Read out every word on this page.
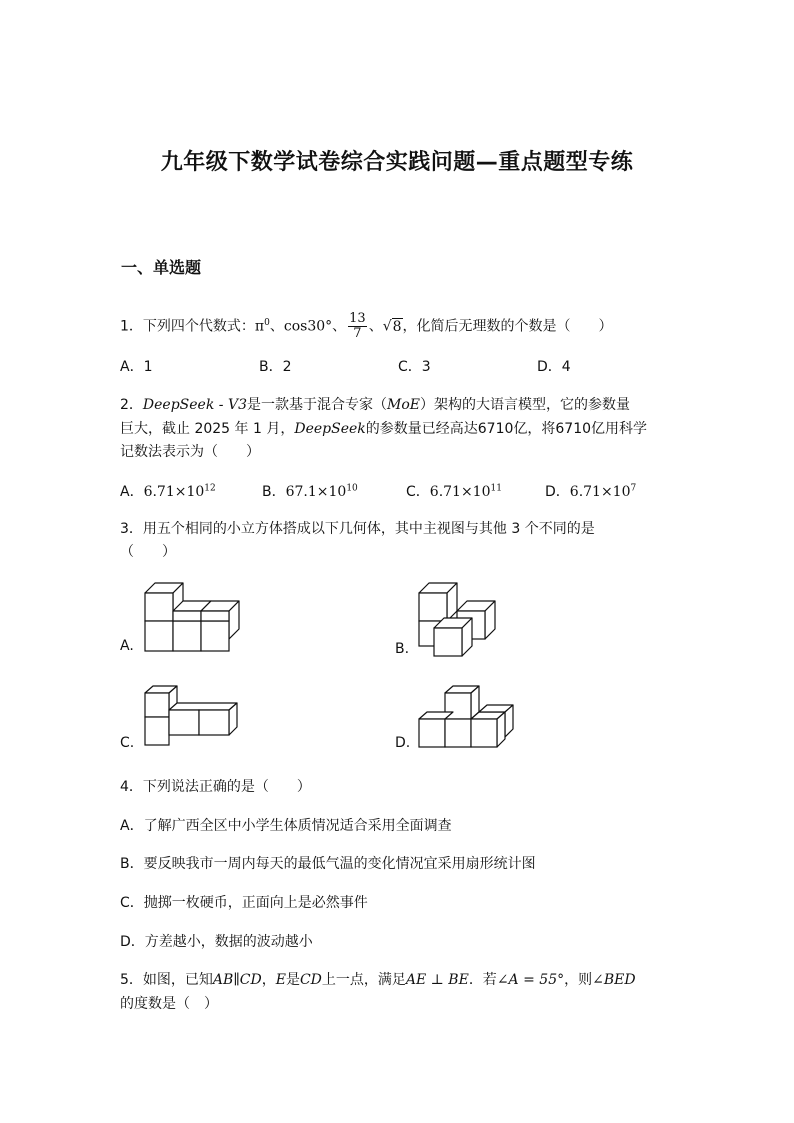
九年级下数学试卷综合实践问题—重点题型专练
一、单选题
1．下列四个代数式：$\pi^0$、cos30°、 $\frac{13}{7}$ 、√8，化简后无理数的个数是（　　）
A．1	B．2	C．3	D．4
2．DeepSeek - V3是一款基于混合专家（MoE）架构的大语言模型，它的参数量
巨大，截止 2025 年 1 月，DeepSeek的参数量已经高达6710亿，将6710亿用科学
记数法表示为（　　）
A．$6.71\times 10^{12}$	B．$67.1\times 10^{10}$	C．$6.71\times 10^{11}$	D．$6.71\times 10^7$
3．用五个相同的小立方体搭成以下几何体，其中主视图与其他 3 个不同的是
（　　）
A.	B.
C.	D.
4．下列说法正确的是（　　）
A．了解广西全区中小学生体质情况适合采用全面调查
B．要反映我市一周内每天的最低气温的变化情况宜采用扇形统计图
C．抛掷一枚硬币，正面向上是必然事件
D．方差越小，数据的波动越小
5．如图，已知AB∥CD，E是CD上一点，满足AE ⊥ BE．若∠A = 55°，则∠BED
的度数是（　）
